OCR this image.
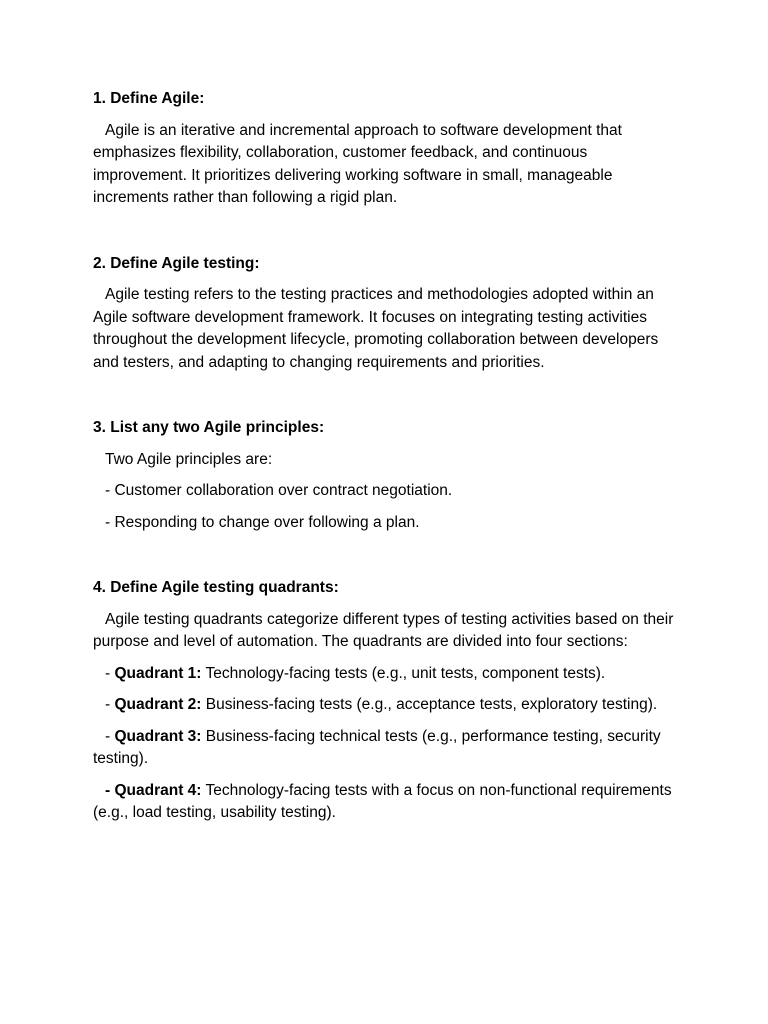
1. Define Agile:
Agile is an iterative and incremental approach to software development that emphasizes flexibility, collaboration, customer feedback, and continuous improvement. It prioritizes delivering working software in small, manageable increments rather than following a rigid plan.
2. Define Agile testing:
Agile testing refers to the testing practices and methodologies adopted within an Agile software development framework. It focuses on integrating testing activities throughout the development lifecycle, promoting collaboration between developers and testers, and adapting to changing requirements and priorities.
3. List any two Agile principles:
Two Agile principles are:
- Customer collaboration over contract negotiation.
- Responding to change over following a plan.
4. Define Agile testing quadrants:
Agile testing quadrants categorize different types of testing activities based on their purpose and level of automation. The quadrants are divided into four sections:
- Quadrant 1: Technology-facing tests (e.g., unit tests, component tests).
- Quadrant 2: Business-facing tests (e.g., acceptance tests, exploratory testing).
- Quadrant 3: Business-facing technical tests (e.g., performance testing, security testing).
- Quadrant 4: Technology-facing tests with a focus on non-functional requirements (e.g., load testing, usability testing).
